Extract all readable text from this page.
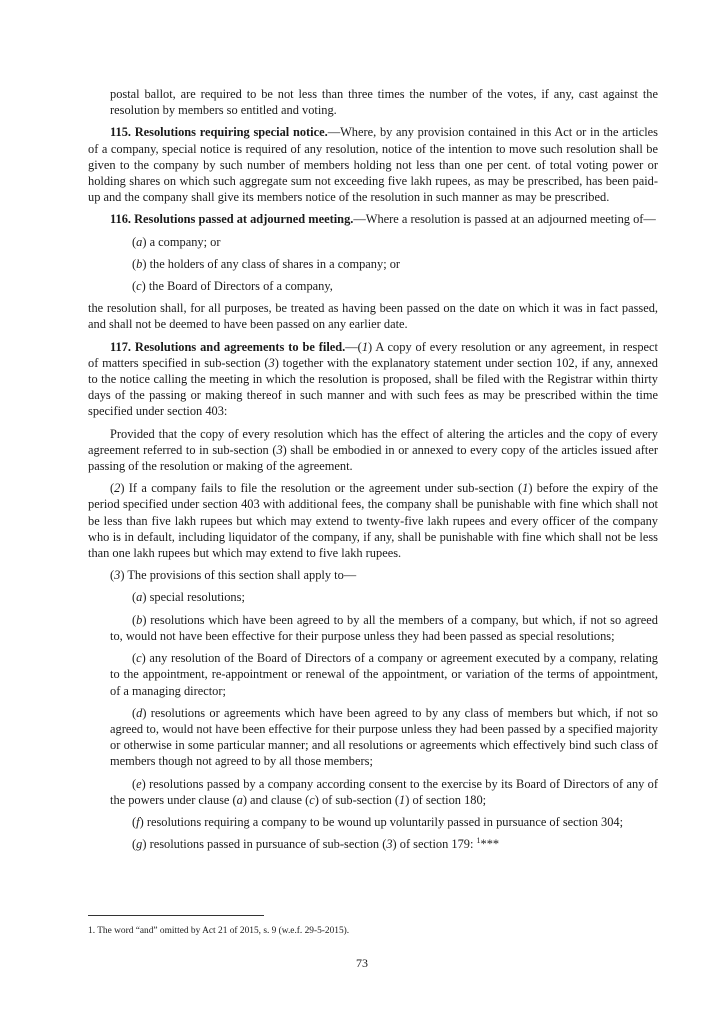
postal ballot, are required to be not less than three times the number of the votes, if any, cast against the resolution by members so entitled and voting.

115. Resolutions requiring special notice.—Where, by any provision contained in this Act or in the articles of a company, special notice is required of any resolution, notice of the intention to move such resolution shall be given to the company by such number of members holding not less than one per cent. of total voting power or holding shares on which such aggregate sum not exceeding five lakh rupees, as may be prescribed, has been paid-up and the company shall give its members notice of the resolution in such manner as may be prescribed.

116. Resolutions passed at adjourned meeting.—Where a resolution is passed at an adjourned meeting of—

(a) a company; or

(b) the holders of any class of shares in a company; or

(c) the Board of Directors of a company,

the resolution shall, for all purposes, be treated as having been passed on the date on which it was in fact passed, and shall not be deemed to have been passed on any earlier date.

117. Resolutions and agreements to be filed.—(1) A copy of every resolution or any agreement, in respect of matters specified in sub-section (3) together with the explanatory statement under section 102, if any, annexed to the notice calling the meeting in which the resolution is proposed, shall be filed with the Registrar within thirty days of the passing or making thereof in such manner and with such fees as may be prescribed within the time specified under section 403:

Provided that the copy of every resolution which has the effect of altering the articles and the copy of every agreement referred to in sub-section (3) shall be embodied in or annexed to every copy of the articles issued after passing of the resolution or making of the agreement.

(2) If a company fails to file the resolution or the agreement under sub-section (1) before the expiry of the period specified under section 403 with additional fees, the company shall be punishable with fine which shall not be less than five lakh rupees but which may extend to twenty-five lakh rupees and every officer of the company who is in default, including liquidator of the company, if any, shall be punishable with fine which shall not be less than one lakh rupees but which may extend to five lakh rupees.

(3) The provisions of this section shall apply to—

(a) special resolutions;

(b) resolutions which have been agreed to by all the members of a company, but which, if not so agreed to, would not have been effective for their purpose unless they had been passed as special resolutions;

(c) any resolution of the Board of Directors of a company or agreement executed by a company, relating to the appointment, re-appointment or renewal of the appointment, or variation of the terms of appointment, of a managing director;

(d) resolutions or agreements which have been agreed to by any class of members but which, if not so agreed to, would not have been effective for their purpose unless they had been passed by a specified majority or otherwise in some particular manner; and all resolutions or agreements which effectively bind such class of members though not agreed to by all those members;

(e) resolutions passed by a company according consent to the exercise by its Board of Directors of any of the powers under clause (a) and clause (c) of sub-section (1) of section 180;

(f) resolutions requiring a company to be wound up voluntarily passed in pursuance of section 304;

(g) resolutions passed in pursuance of sub-section (3) of section 179: $^1$***

1. The word “and” omitted by Act 21 of 2015, s. 9 (w.e.f. 29-5-2015).
73
